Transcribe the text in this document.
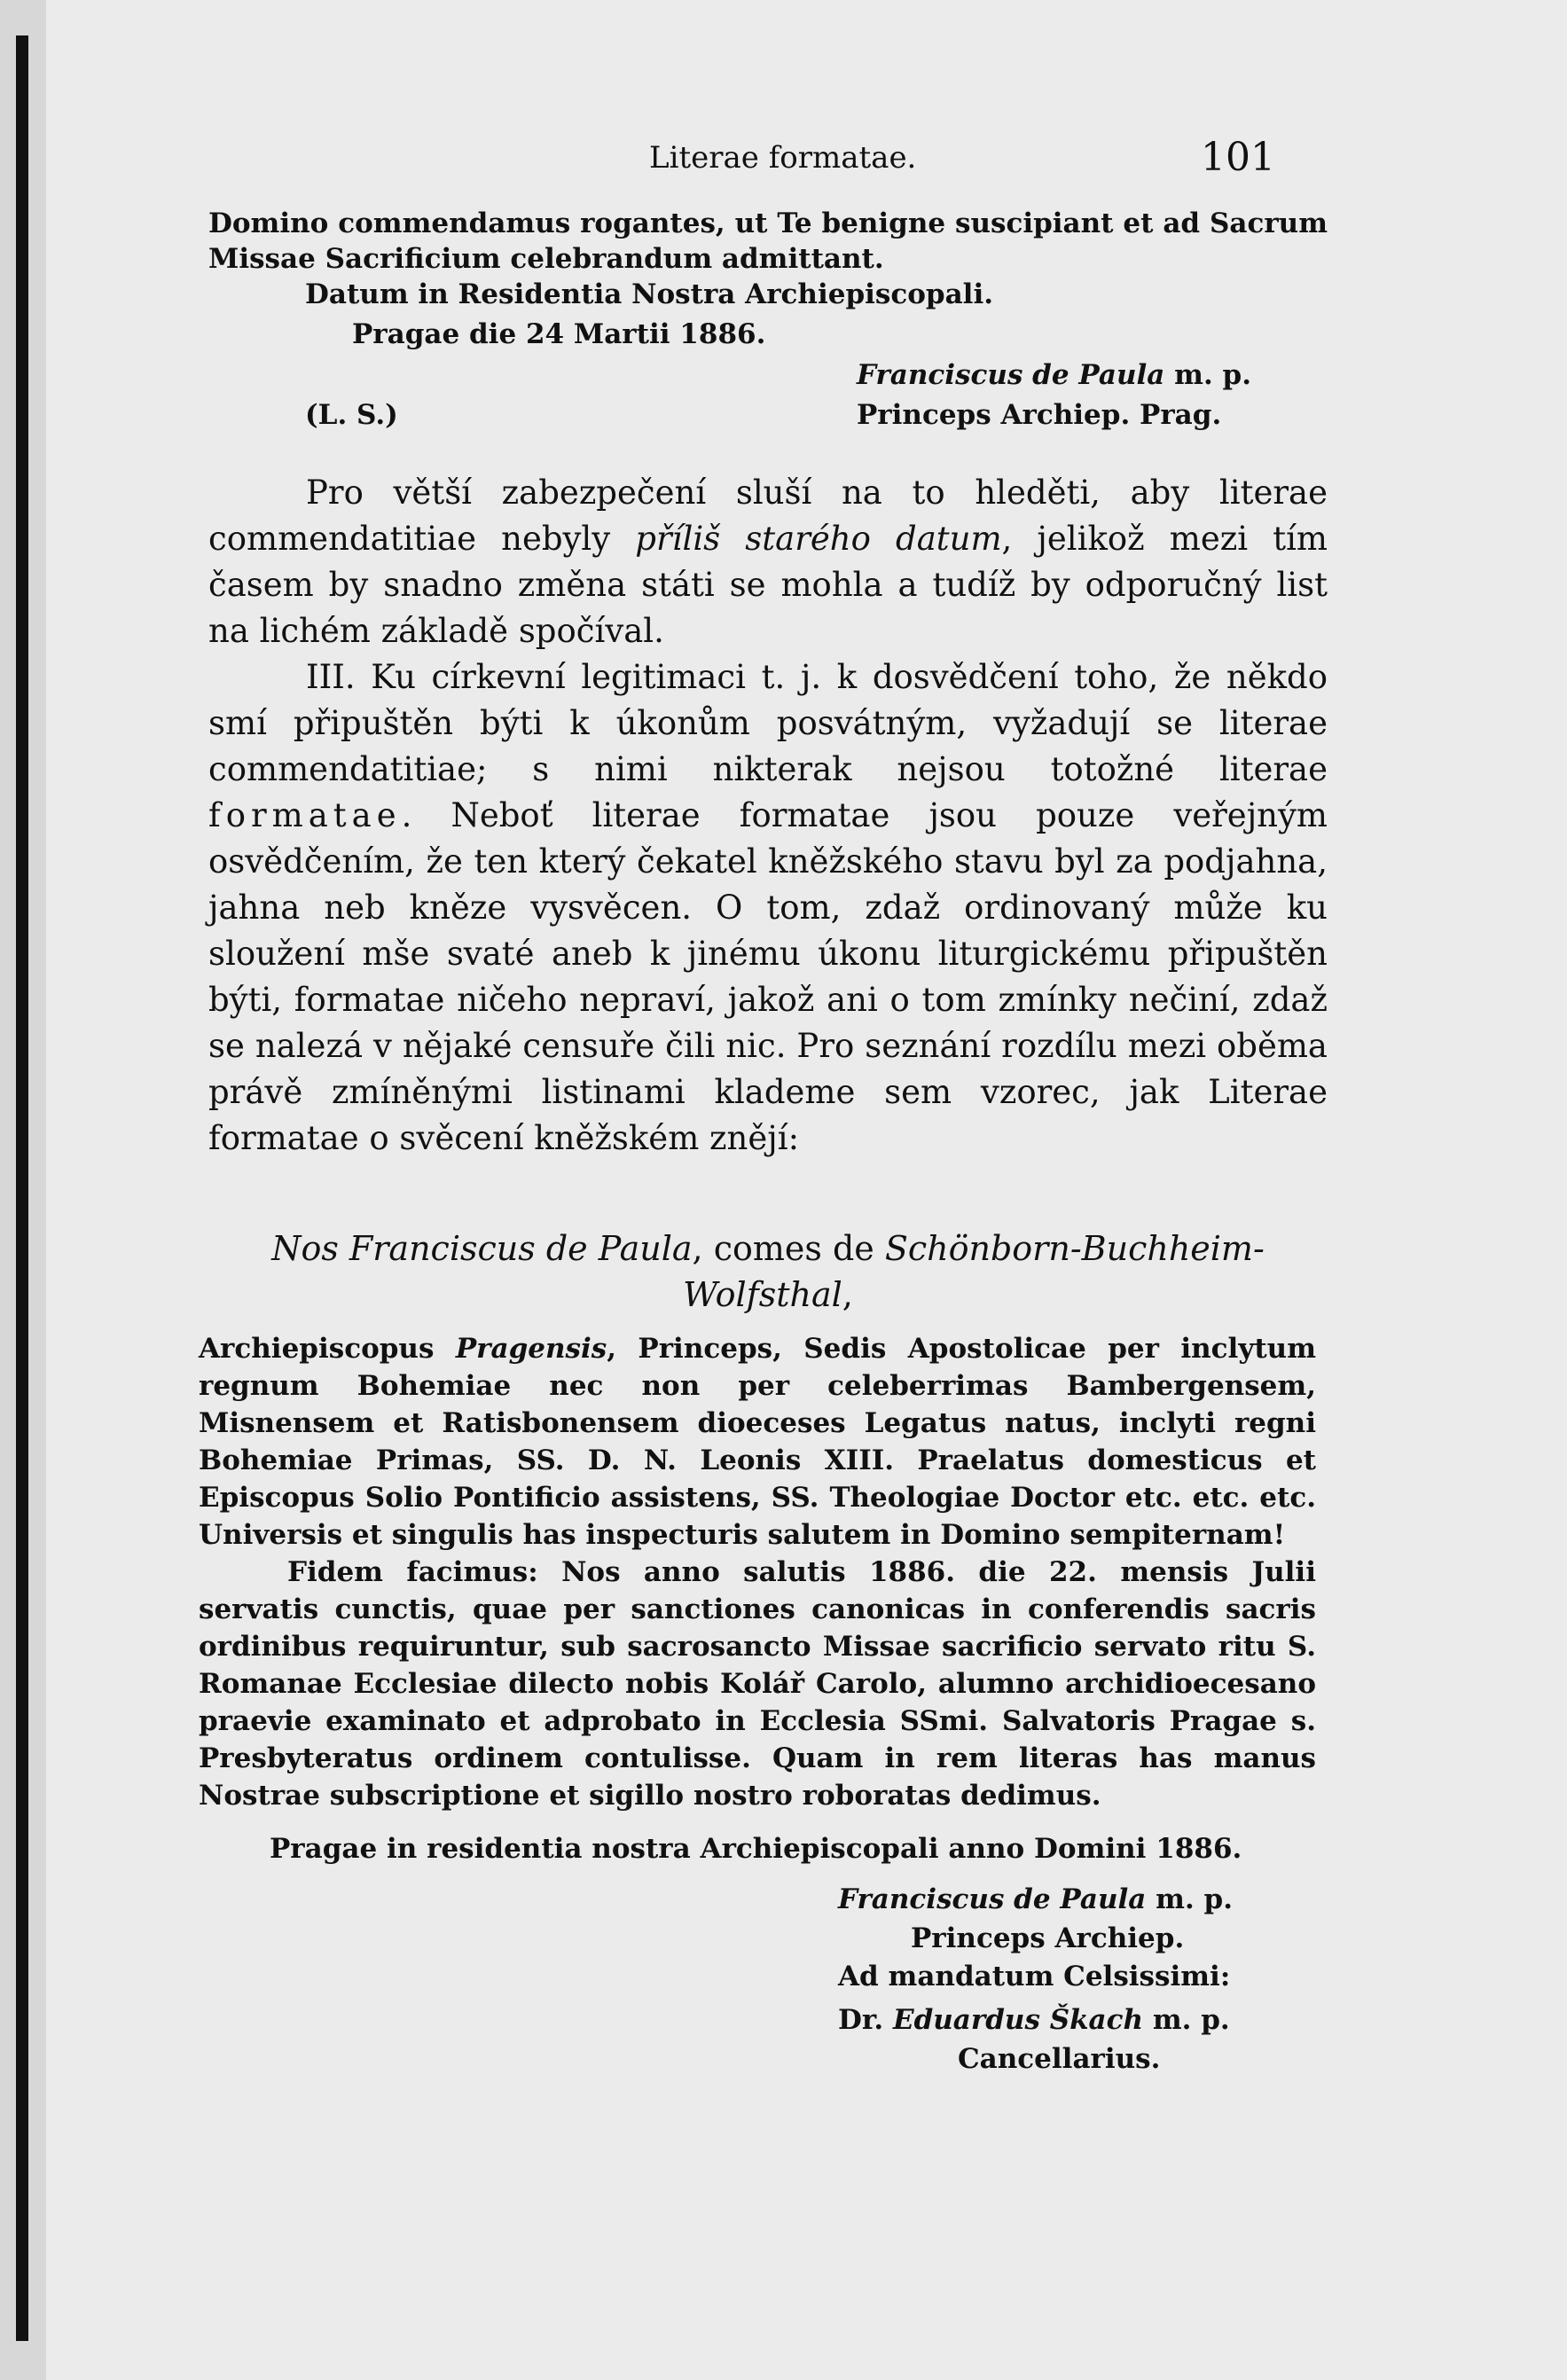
Literae formatae.	101

Domino commendamus rogantes, ut Te benigne suscipiant et ad Sacrum Missae Sacrificium celebrandum admittant.

Datum in Residentia Nostra Archiepiscopali.
Pragae die 24 Martii 1886.
Franciscus de Paula m. p.
(L. S.)	Princeps Archiep. Prag.

Pro větší zabezpečení sluší na to hleděti, aby literae commendatitiae nebyly příliš starého datum, jelikož mezi tím časem by snadno změna státi se mohla a tudíž by odporučný list na lichém základě spočíval.

III. Ku církevní legitimaci t. j. k dosvědčení toho, že někdo smí připuštěn býti k úkonům posvátným, vyžadují se literae commendatitiae; s nimi nikterak nejsou totožné literae formatae. Neboť literae formatae jsou pouze veřejným osvědčením, že ten který čekatel kněžského stavu byl za podjahna, jahna neb kněze vysvěcen. O tom, zdaž ordinovaný může ku sloužení mše svaté aneb k jinému úkonu liturgickému připuštěn býti, formatae ničeho nepraví, jakož ani o tom zmínky nečiní, zdaž se nalezá v nějaké censuře čili nic. Pro seznání rozdílu mezi oběma právě zmíněnými listinami klademe sem vzorec, jak Literae formatae o svěcení kněžském znějí:

Nos Franciscus de Paula, comes de Schönborn-Buchheim-Wolfsthal,

Archiepiscopus Pragensis, Princeps, Sedis Apostolicae per inclytum regnum Bohemiae nec non per celeberrimas Bambergensem, Misnensem et Ratisbonensem dioeceses Legatus natus, inclyti regni Bohemiae Primas, SS. D. N. Leonis XIII. Praelatus domesticus et Episcopus Solio Pontificio assistens, SS. Theologiae Doctor etc. etc. etc. Universis et singulis has inspecturis salutem in Domino sempiternam!

Fidem facimus: Nos anno salutis 1886. die 22. mensis Julii servatis cunctis, quae per sanctiones canonicas in conferendis sacris ordinibus requiruntur, sub sacrosancto Missae sacrificio servato ritu S. Romanae Ecclesiae dilecto nobis Kolář Carolo, alumno archidioecesano praevie examinato et adprobato in Ecclesia SSmi. Salvatoris Pragae s. Presbyteratus ordinem contulisse. Quam in rem literas has manus Nostrae subscriptione et sigillo nostro roboratas dedimus.

Pragae in residentia nostra Archiepiscopali anno Domini 1886.

Franciscus de Paula m. p.
Princeps Archiep.
Ad mandatum Celsissimi:
Dr. Eduardus Škach m. p.
Cancellarius.
